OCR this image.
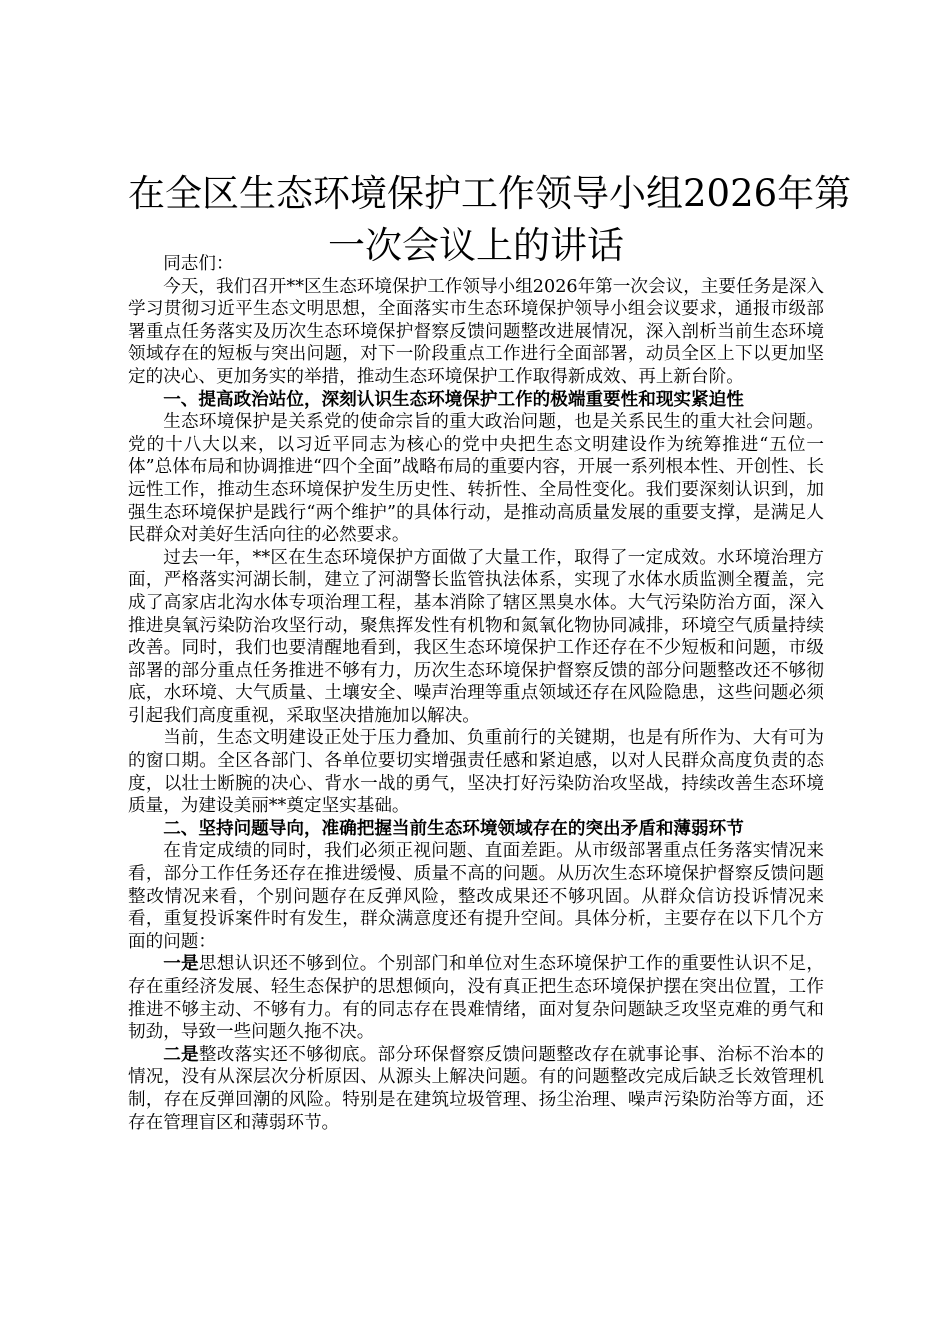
在全区生态环境保护工作领导小组2026年第
一次会议上的讲话

同志们：

今天，我们召开**区生态环境保护工作领导小组2026年第一次会议，主要任务是深入学习贯彻习近平生态文明思想，全面落实市生态环境保护领导小组会议要求，通报市级部署重点任务落实及历次生态环境保护督察反馈问题整改进展情况，深入剖析当前生态环境领域存在的短板与突出问题，对下一阶段重点工作进行全面部署，动员全区上下以更加坚定的决心、更加务实的举措，推动生态环境保护工作取得新成效、再上新台阶。

一、提高政治站位，深刻认识生态环境保护工作的极端重要性和现实紧迫性

生态环境保护是关系党的使命宗旨的重大政治问题，也是关系民生的重大社会问题。党的十八大以来，以习近平同志为核心的党中央把生态文明建设作为统筹推进“五位一体”总体布局和协调推进“四个全面”战略布局的重要内容，开展一系列根本性、开创性、长远性工作，推动生态环境保护发生历史性、转折性、全局性变化。我们要深刻认识到，加强生态环境保护是践行“两个维护”的具体行动，是推动高质量发展的重要支撑，是满足人民群众对美好生活向往的必然要求。

过去一年，**区在生态环境保护方面做了大量工作，取得了一定成效。水环境治理方面，严格落实河湖长制，建立了河湖警长监管执法体系，实现了水体水质监测全覆盖，完成了高家店北沟水体专项治理工程，基本消除了辖区黑臭水体。大气污染防治方面，深入推进臭氧污染防治攻坚行动，聚焦挥发性有机物和氮氧化物协同减排，环境空气质量持续改善。同时，我们也要清醒地看到，我区生态环境保护工作还存在不少短板和问题，市级部署的部分重点任务推进不够有力，历次生态环境保护督察反馈的部分问题整改还不够彻底，水环境、大气质量、土壤安全、噪声治理等重点领域还存在风险隐患，这些问题必须引起我们高度重视，采取坚决措施加以解决。

当前，生态文明建设正处于压力叠加、负重前行的关键期，也是有所作为、大有可为的窗口期。全区各部门、各单位要切实增强责任感和紧迫感，以对人民群众高度负责的态度，以壮士断腕的决心、背水一战的勇气，坚决打好污染防治攻坚战，持续改善生态环境质量，为建设美丽**奠定坚实基础。

二、坚持问题导向，准确把握当前生态环境领域存在的突出矛盾和薄弱环节

在肯定成绩的同时，我们必须正视问题、直面差距。从市级部署重点任务落实情况来看，部分工作任务还存在推进缓慢、质量不高的问题。从历次生态环境保护督察反馈问题整改情况来看，个别问题存在反弹风险，整改成果还不够巩固。从群众信访投诉情况来看，重复投诉案件时有发生，群众满意度还有提升空间。具体分析，主要存在以下几个方面的问题：

一是思想认识还不够到位。个别部门和单位对生态环境保护工作的重要性认识不足，存在重经济发展、轻生态保护的思想倾向，没有真正把生态环境保护摆在突出位置，工作推进不够主动、不够有力。有的同志存在畏难情绪，面对复杂问题缺乏攻坚克难的勇气和韧劲，导致一些问题久拖不决。

二是整改落实还不够彻底。部分环保督察反馈问题整改存在就事论事、治标不治本的情况，没有从深层次分析原因、从源头上解决问题。有的问题整改完成后缺乏长效管理机制，存在反弹回潮的风险。特别是在建筑垃圾管理、扬尘治理、噪声污染防治等方面，还存在管理盲区和薄弱环节。
